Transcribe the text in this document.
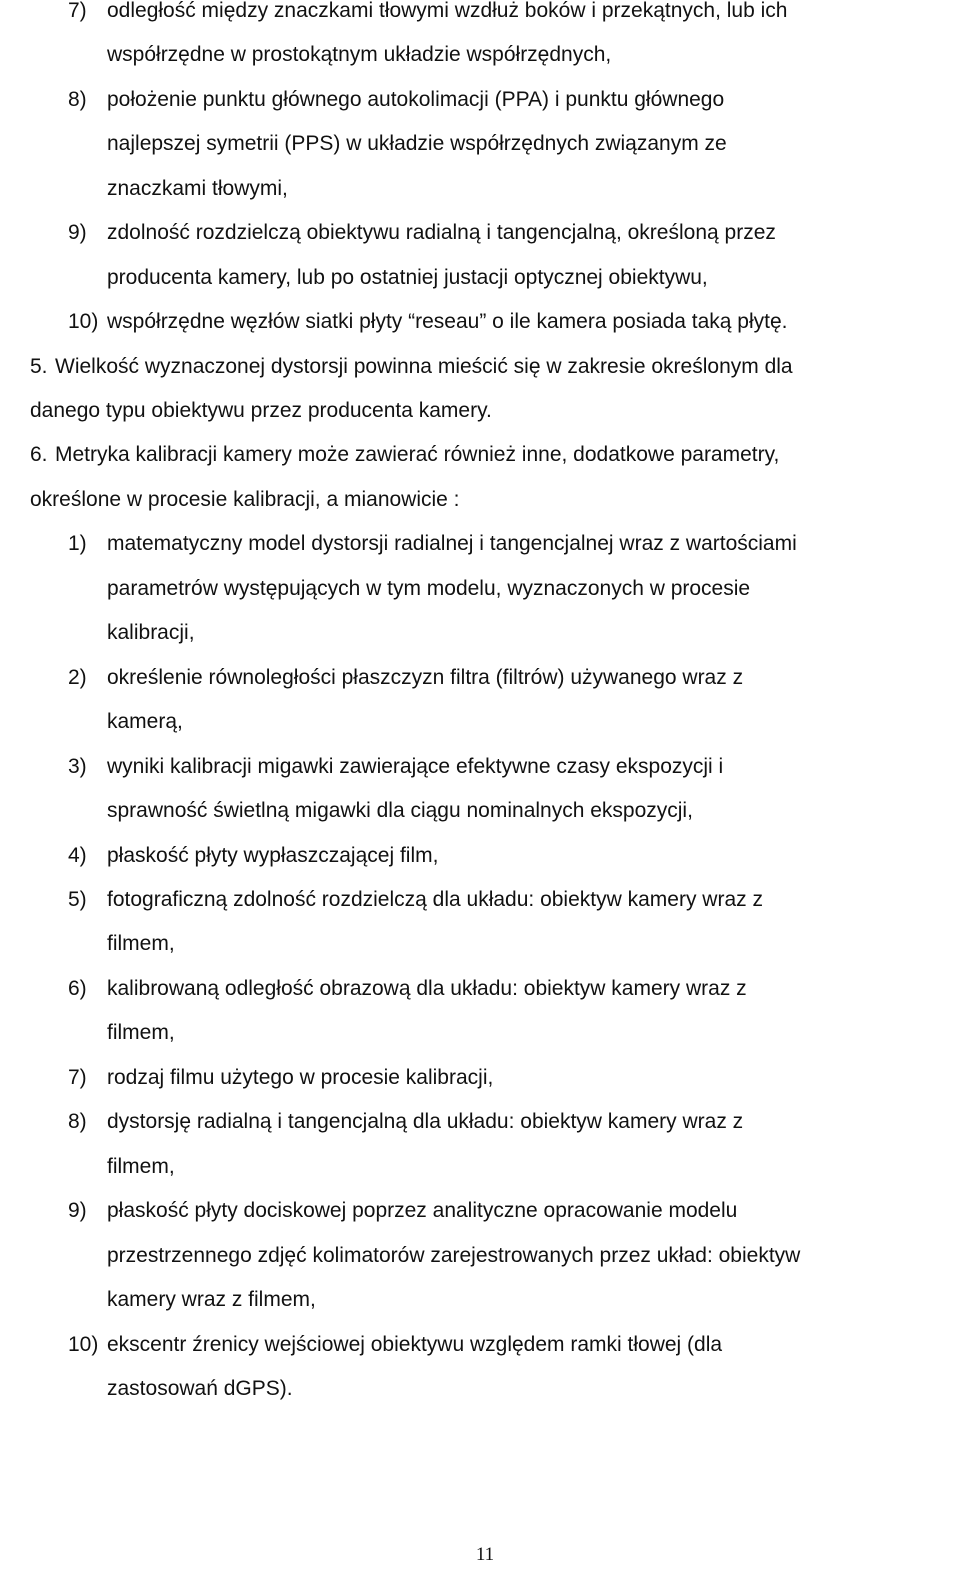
7) odległość między znaczkami tłowymi wzdłuż boków i przekątnych, lub ich

współrzędne w prostokątnym układzie współrzędnych,

8) położenie punktu głównego autokolimacji (PPA) i punktu głównego

najlepszej symetrii (PPS) w układzie współrzędnych związanym ze

znaczkami tłowymi,

9) zdolność rozdzielczą obiektywu radialną i tangencjalną, określoną przez

producenta kamery, lub po ostatniej justacji optycznej obiektywu,

10) współrzędne węzłów siatki płyty “reseau” o ile kamera posiada taką płytę.

5. Wielkość wyznaczonej dystorsji powinna mieścić się w zakresie określonym dla

danego typu obiektywu przez producenta kamery.

6. Metryka kalibracji kamery może zawierać również inne, dodatkowe parametry,

określone w procesie kalibracji, a mianowicie :

1) matematyczny model dystorsji radialnej i tangencjalnej wraz z wartościami

parametrów występujących w tym modelu, wyznaczonych w procesie

kalibracji,

2) określenie równoległości płaszczyzn filtra (filtrów) używanego wraz z

kamerą,

3) wyniki kalibracji migawki zawierające efektywne czasy ekspozycji i

sprawność świetlną migawki dla ciągu nominalnych ekspozycji,

4) płaskość płyty wypłaszczającej film,

5) fotograficzną zdolność rozdzielczą dla układu: obiektyw kamery wraz z

filmem,

6) kalibrowaną odległość obrazową dla układu: obiektyw kamery wraz z

filmem,

7) rodzaj filmu użytego w procesie kalibracji,

8) dystorsję radialną i tangencjalną dla układu: obiektyw kamery wraz z

filmem,

9) płaskość płyty dociskowej poprzez analityczne opracowanie modelu

przestrzennego zdjęć kolimatorów zarejestrowanych przez układ: obiektyw

kamery wraz z filmem,

10) ekscentr źrenicy wejściowej obiektywu względem ramki tłowej (dla

zastosowań dGPS).

11
